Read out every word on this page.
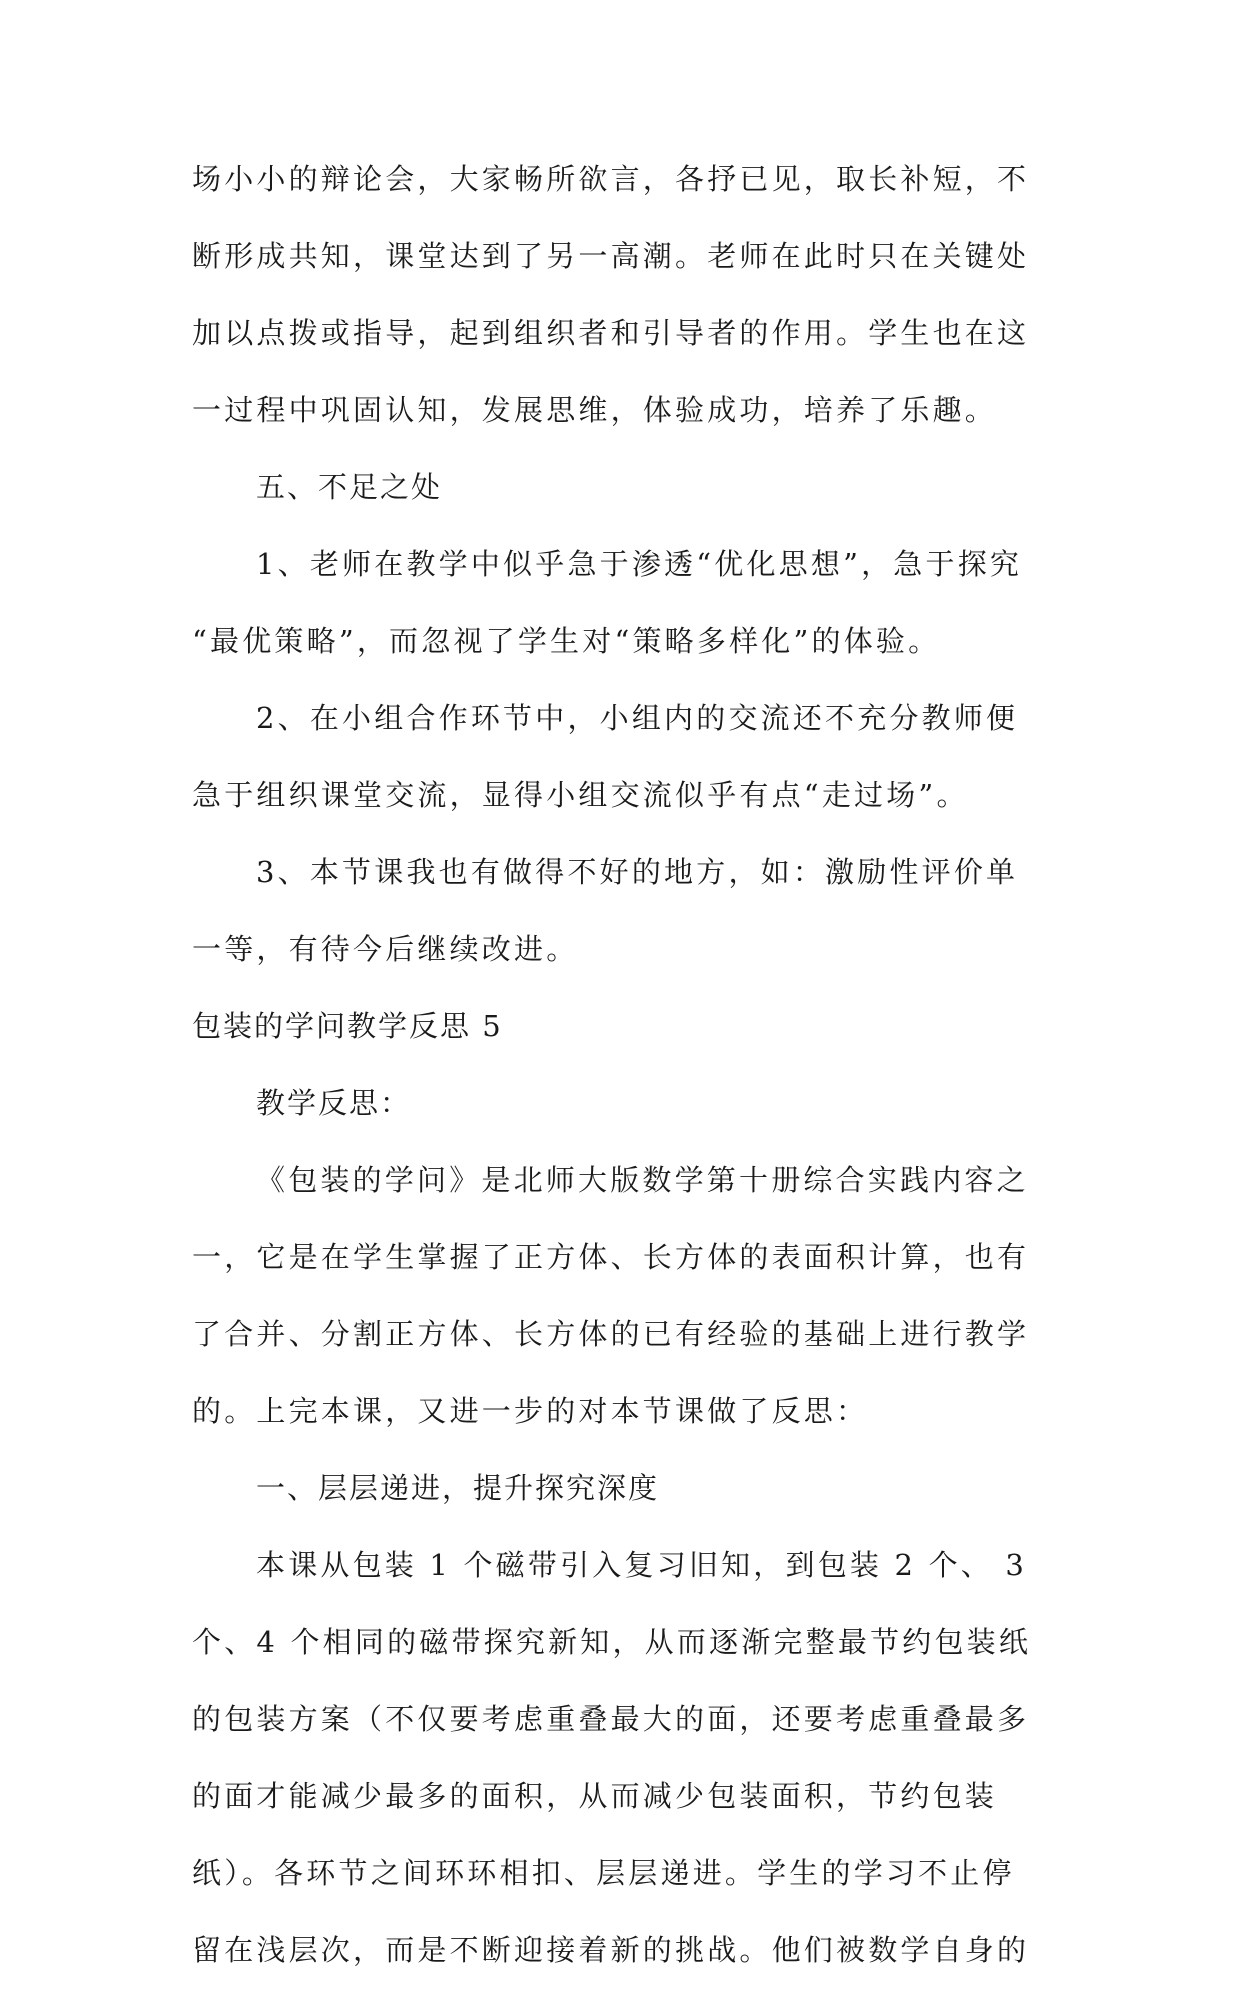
场小小的辩论会，大家畅所欲言，各抒已见，取长补短，不
断形成共知，课堂达到了另一高潮。老师在此时只在关键处
加以点拨或指导，起到组织者和引导者的作用。学生也在这
一过程中巩固认知，发展思维，体验成功，培养了乐趣。
五、不足之处
1、老师在教学中似乎急于渗透“优化思想”，急于探究
“最优策略”，而忽视了学生对“策略多样化”的体验。
2、在小组合作环节中，小组内的交流还不充分教师便
急于组织课堂交流，显得小组交流似乎有点“走过场”。
3、本节课我也有做得不好的地方，如：激励性评价单
一等，有待今后继续改进。
包装的学问教学反思 5
教学反思：
《包装的学问》是北师大版数学第十册综合实践内容之
一，它是在学生掌握了正方体、长方体的表面积计算，也有
了合并、分割正方体、长方体的已有经验的基础上进行教学
的。上完本课，又进一步的对本节课做了反思：
一、层层递进，提升探究深度
本课从包装 1 个磁带引入复习旧知，到包装 2 个、 3
个、4 个相同的磁带探究新知，从而逐渐完整最节约包装纸
的包装方案（不仅要考虑重叠最大的面，还要考虑重叠最多
的面才能减少最多的面积，从而减少包装面积，节约包装
纸）。各环节之间环环相扣、层层递进。学生的学习不止停
留在浅层次，而是不断迎接着新的挑战。他们被数学自身的
